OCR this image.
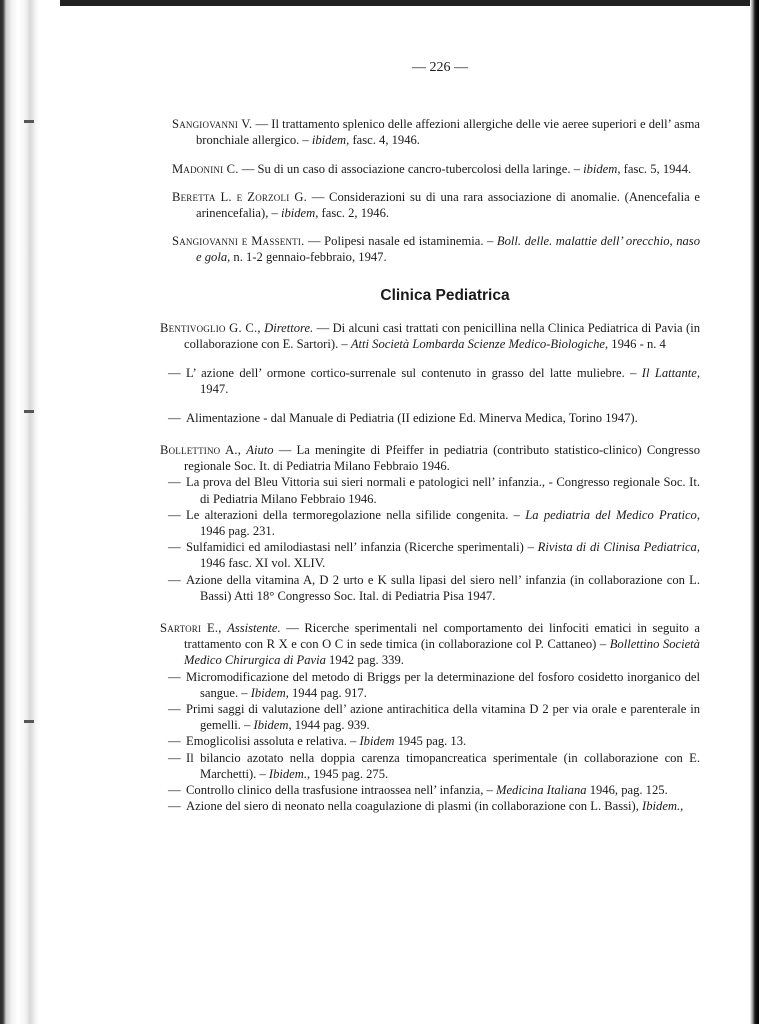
— 226 —

Sangiovanni V. — Il trattamento splenico delle affezioni allergiche delle vie aeree superiori e dell’ asma bronchiale allergico. – ibidem, fasc. 4, 1946.

Madonini C. — Su di un caso di associazione cancro-tubercolosi della laringe. – ibidem, fasc. 5, 1944.

Beretta L. e Zorzoli G. — Considerazioni su di una rara associazione di anomalie. (Anencefalia e arinencefalia), – ibidem, fasc. 2, 1946.

Sangiovanni e Massenti. — Polipesi nasale ed istaminemia. – Boll. delle. malattie dell’ orecchio, naso e gola, n. 1-2 gennaio-febbraio, 1947.

Clinica Pediatrica

Bentivoglio G. C., Direttore. — Di alcuni casi trattati con penicillina nella Clinica Pediatrica di Pavia (in collaborazione con E. Sartori). – Atti Società Lombarda Scienze Medico-Biologiche, 1946 - n. 4

— L’ azione dell’ ormone cortico-surrenale sul contenuto in grasso del latte muliebre. – Il Lattante, 1947.

— Alimentazione - dal Manuale di Pediatria (II edizione Ed. Minerva Medica, Torino 1947).

Bollettino A., Aiuto — La meningite di Pfeiffer in pediatria (contributo statistico-clinico) Congresso regionale Soc. It. di Pediatria Milano Febbraio 1946.

— La prova del Bleu Vittoria sui sieri normali e patologici nell’ infanzia., - Congresso regionale Soc. It. di Pediatria Milano Febbraio 1946.

— Le alterazioni della termoregolazione nella sifilide congenita. – La pediatria del Medico Pratico, 1946 pag. 231.

— Sulfamidici ed amilodiastasi nell’ infanzia (Ricerche sperimentali) – Rivista di di Clinisa Pediatrica, 1946 fasc. XI vol. XLIV.

— Azione della vitamina A, D 2 urto e K sulla lipasi del siero nell’ infanzia (in collaborazione con L. Bassi) Atti 18° Congresso Soc. Ital. di Pediatria Pisa 1947.

Sartori E., Assistente. — Ricerche sperimentali nel comportamento dei linfociti ematici in seguito a trattamento con R X e con O C in sede timica (in collaborazione col P. Cattaneo) – Bollettino Società Medico Chirurgica di Pavia 1942 pag. 339.

— Micromodificazione del metodo di Briggs per la determinazione del fosforo cosidetto inorganico del sangue. – Ibidem, 1944 pag. 917.

— Primi saggi di valutazione dell’ azione antirachitica della vitamina D 2 per via orale e parenterale in gemelli. – Ibidem, 1944 pag. 939.

— Emoglicolisi assoluta e relativa. – Ibidem 1945 pag. 13.

— Il bilancio azotato nella doppia carenza timopancreatica sperimentale (in collaborazione con E. Marchetti). – Ibidem., 1945 pag. 275.

— Controllo clinico della trasfusione intraossea nell’ infanzia, – Medicina Italiana 1946, pag. 125.

— Azione del siero di neonato nella coagulazione di plasmi (in collaborazione con L. Bassi), Ibidem.,
